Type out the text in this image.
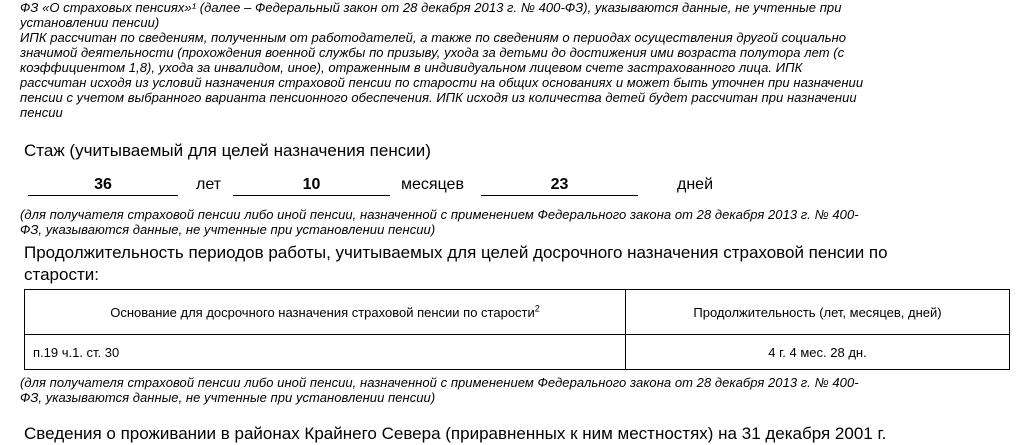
ФЗ «О страховых пенсиях»¹ (далее – Федеральный закон от 28 декабря 2013 г. № 400-ФЗ), указываются данные, не учтенные при
установлении пенсии)
ИПК рассчитан по сведениям, полученным от работодателей, а также по сведениям о периодах осуществления другой социально
значимой деятельности (прохождения военной службы по призыву, ухода за детьми до достижения ими возраста полутора лет (с
коэффициентом 1,8), ухода за инвалидом, иное), отраженным в индивидуальном лицевом счете застрахованного лица. ИПК
рассчитан исходя из условий назначения страховой пенсии по старости на общих основаниях и может быть уточнен при назначении
пенсии с учетом выбранного варианта пенсионного обеспечения. ИПК исходя из количества детей будет рассчитан при назначении
пенсии
Стаж (учитываемый для целей назначения пенсии)
36	лет	10	месяцев	23	дней
(для получателя страховой пенсии либо иной пенсии, назначенной с применением Федерального закона от 28 декабря 2013 г. № 400-
ФЗ, указываются данные, не учтенные при установлении пенсии)
Продолжительность периодов работы, учитываемых для целей досрочного назначения страховой пенсии по
старости:
Основание для досрочного назначения страховой пенсии по старости$^2$	Продолжительность (лет, месяцев, дней)
п.19 ч.1. ст. 30	4 г. 4 мес. 28 дн.
(для получателя страховой пенсии либо иной пенсии, назначенной с применением Федерального закона от 28 декабря 2013 г. № 400-
ФЗ, указываются данные, не учтенные при установлении пенсии)
Сведения о проживании в районах Крайнего Севера (приравненных к ним местностях) на 31 декабря 2001 г.
